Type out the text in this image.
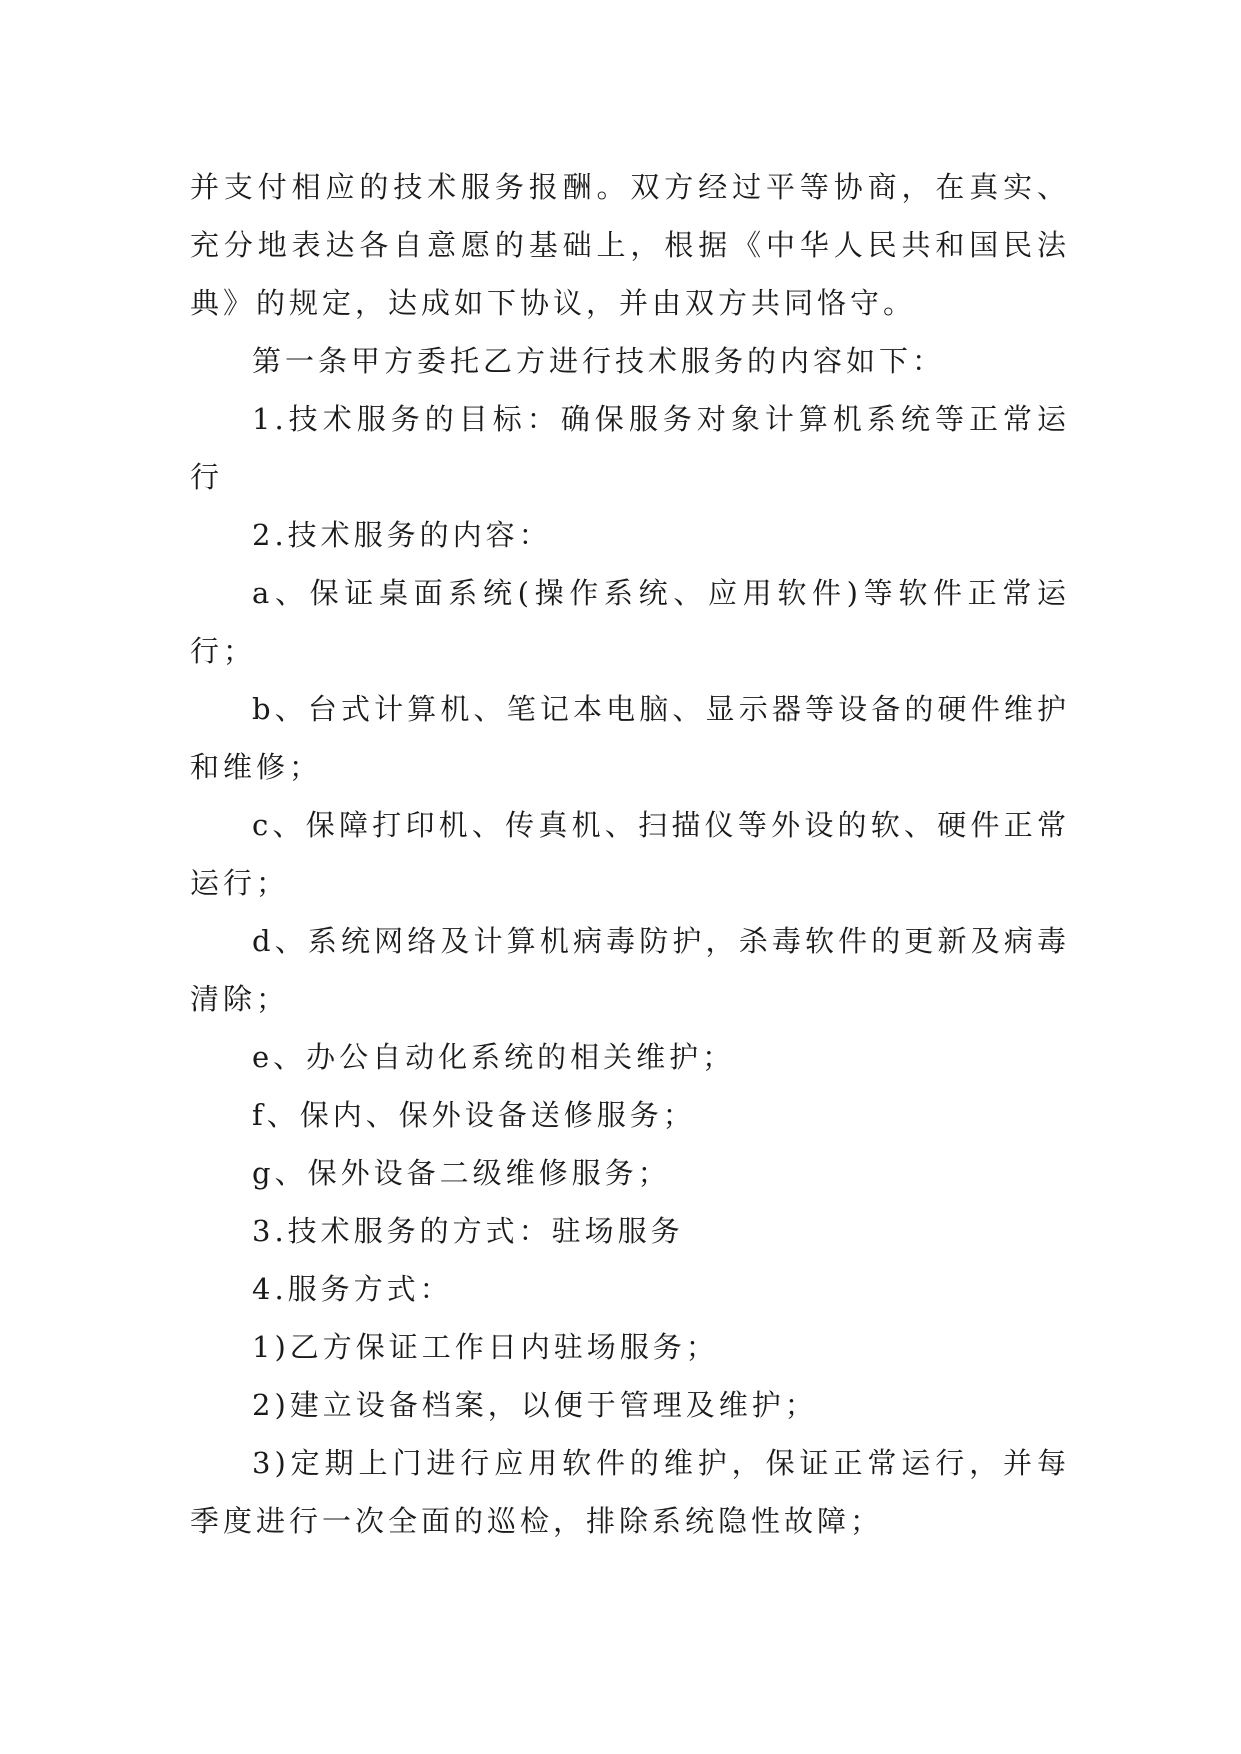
并支付相应的技术服务报酬。双方经过平等协商，在真实、充分地表达各自意愿的基础上，根据《中华人民共和国民法典》的规定，达成如下协议，并由双方共同恪守。

第一条甲方委托乙方进行技术服务的内容如下：

1.技术服务的目标：确保服务对象计算机系统等正常运行

2.技术服务的内容：

a、保证桌面系统(操作系统、应用软件)等软件正常运行；

b、台式计算机、笔记本电脑、显示器等设备的硬件维护和维修；

c、保障打印机、传真机、扫描仪等外设的软、硬件正常运行；

d、系统网络及计算机病毒防护，杀毒软件的更新及病毒清除；

e、办公自动化系统的相关维护；

f、保内、保外设备送修服务；

g、保外设备二级维修服务；

3.技术服务的方式：驻场服务

4.服务方式：

1)乙方保证工作日内驻场服务；

2)建立设备档案，以便于管理及维护；

3)定期上门进行应用软件的维护，保证正常运行，并每季度进行一次全面的巡检，排除系统隐性故障；
